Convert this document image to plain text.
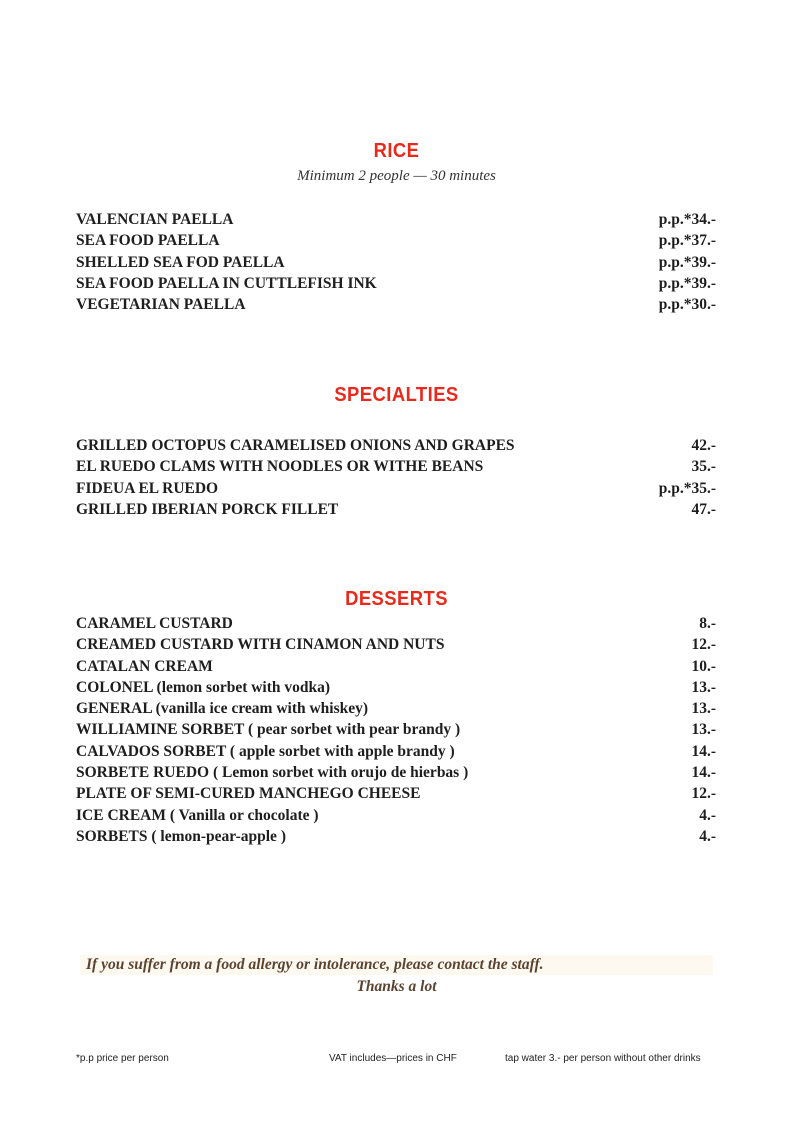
RICE
Minimum 2 people — 30 minutes
VALENCIAN PAELLA	p.p.*34.-
SEA FOOD PAELLA	p.p.*37.-
SHELLED SEA FOD PAELLA	p.p.*39.-
SEA FOOD PAELLA IN CUTTLEFISH INK	p.p.*39.-
VEGETARIAN PAELLA	p.p.*30.-
SPECIALTIES
GRILLED OCTOPUS CARAMELISED ONIONS AND GRAPES	42.-
EL RUEDO CLAMS WITH NOODLES OR WITHE BEANS	35.-
FIDEUA EL RUEDO	p.p.*35.-
GRILLED IBERIAN PORCK FILLET	47.-
DESSERTS
CARAMEL CUSTARD	8.-
CREAMED CUSTARD WITH CINAMON AND NUTS	12.-
CATALAN CREAM	10.-
COLONEL (lemon sorbet with vodka)	13.-
GENERAL (vanilla ice cream with whiskey)	13.-
WILLIAMINE SORBET ( pear sorbet with pear brandy )	13.-
CALVADOS SORBET ( apple sorbet with apple brandy )	14.-
SORBETE RUEDO ( Lemon sorbet with orujo de hierbas )	14.-
PLATE OF SEMI-CURED MANCHEGO CHEESE	12.-
ICE CREAM ( Vanilla or chocolate )	4.-
SORBETS ( lemon-pear-apple )	4.-
If you suffer from a food allergy or intolerance, please contact the staff.
Thanks a lot
*p.p price per person	VAT includes—prices in CHF	tap water 3.- per person without other drinks
